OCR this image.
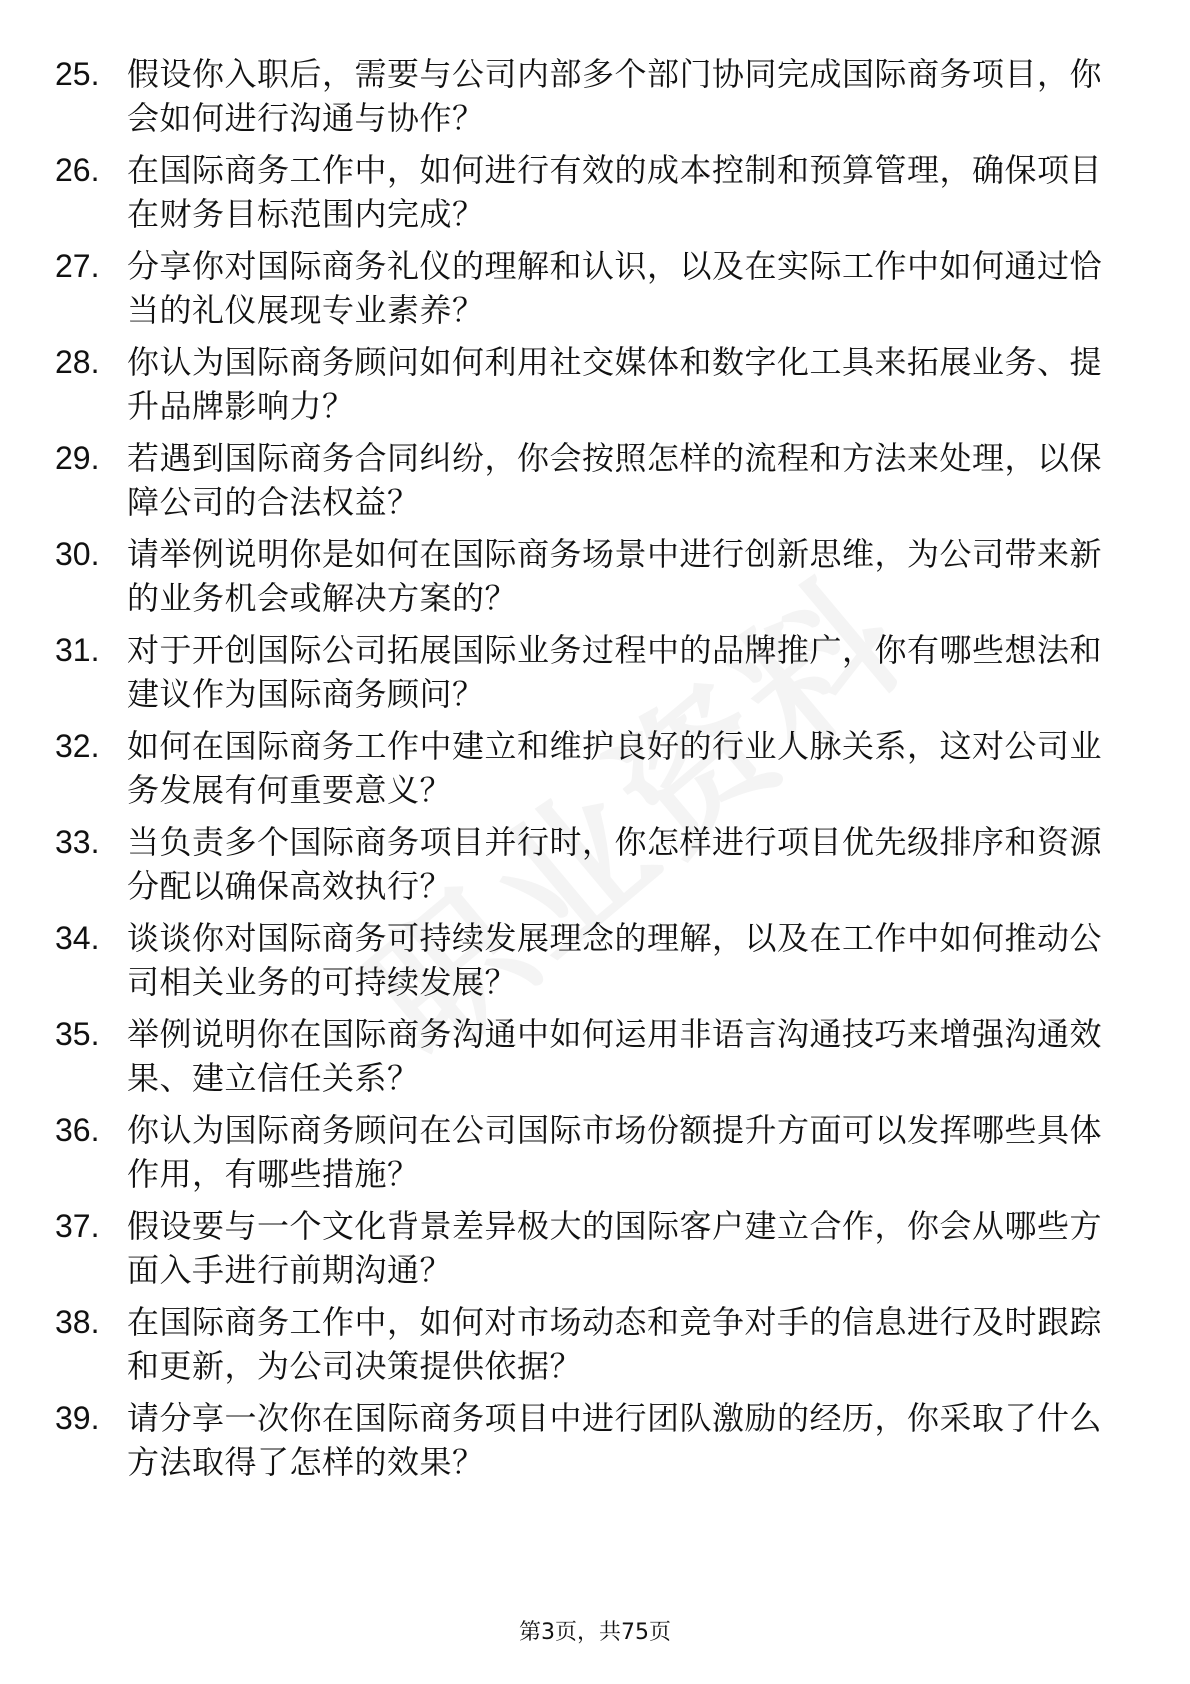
25. 假设你入职后，需要与公司内部多个部门协同完成国际商务项目，你会如何进行沟通与协作？
26. 在国际商务工作中，如何进行有效的成本控制和预算管理，确保项目在财务目标范围内完成？
27. 分享你对国际商务礼仪的理解和认识，以及在实际工作中如何通过恰当的礼仪展现专业素养？
28. 你认为国际商务顾问如何利用社交媒体和数字化工具来拓展业务、提升品牌影响力？
29. 若遇到国际商务合同纠纷，你会按照怎样的流程和方法来处理，以保障公司的合法权益？
30. 请举例说明你是如何在国际商务场景中进行创新思维，为公司带来新的业务机会或解决方案的？
31. 对于开创国际公司拓展国际业务过程中的品牌推广，你有哪些想法和建议作为国际商务顾问？
32. 如何在国际商务工作中建立和维护良好的行业人脉关系，这对公司业务发展有何重要意义？
33. 当负责多个国际商务项目并行时，你怎样进行项目优先级排序和资源分配以确保高效执行？
34. 谈谈你对国际商务可持续发展理念的理解，以及在工作中如何推动公司相关业务的可持续发展？
35. 举例说明你在国际商务沟通中如何运用非语言沟通技巧来增强沟通效果、建立信任关系？
36. 你认为国际商务顾问在公司国际市场份额提升方面可以发挥哪些具体作用，有哪些措施？
37. 假设要与一个文化背景差异极大的国际客户建立合作，你会从哪些方面入手进行前期沟通？
38. 在国际商务工作中，如何对市场动态和竞争对手的信息进行及时跟踪和更新，为公司决策提供依据？
39. 请分享一次你在国际商务项目中进行团队激励的经历，你采取了什么方法取得了怎样的效果？
第3页，共75页
